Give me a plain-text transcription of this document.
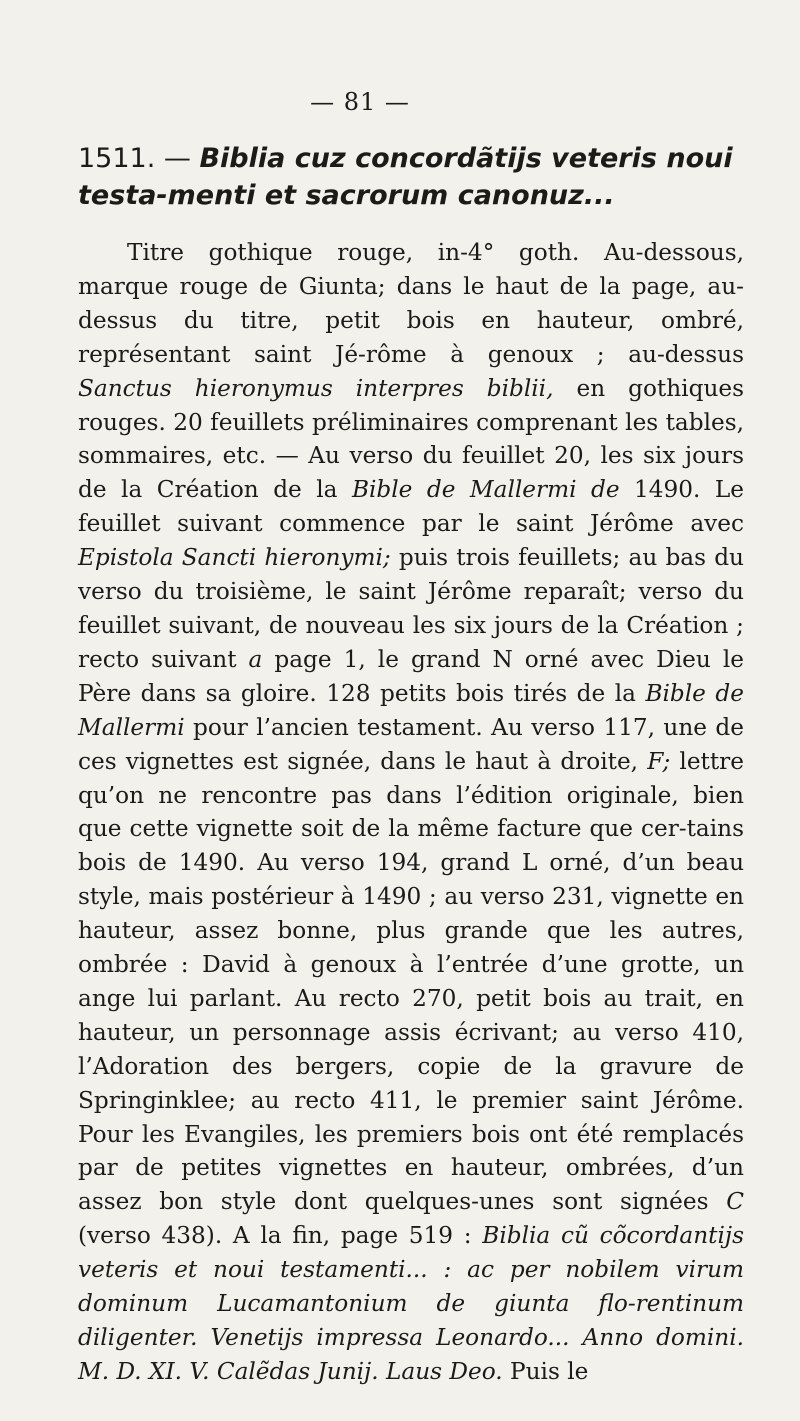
— 81 —

1511. — Biblia cuz concordãtijs veteris noui testa-menti et sacrorum canonuz...

Titre gothique rouge, in-4° goth. Au-dessous, marque rouge de Giunta; dans le haut de la page, au-dessus du titre, petit bois en hauteur, ombré, représentant saint Jé-rôme à genoux ; au-dessus Sanctus hieronymus interpres biblii, en gothiques rouges. 20 feuillets préliminaires comprenant les tables, sommaires, etc. — Au verso du feuillet 20, les six jours de la Création de la Bible de Mallermi de 1490. Le feuillet suivant commence par le saint Jérôme avec Epistola Sancti hieronymi; puis trois feuillets; au bas du verso du troisième, le saint Jérôme reparaît; verso du feuillet suivant, de nouveau les six jours de la Création ; recto suivant a page 1, le grand N orné avec Dieu le Père dans sa gloire. 128 petits bois tirés de la Bible de Mallermi pour l’ancien testament. Au verso 117, une de ces vignettes est signée, dans le haut à droite, F; lettre qu’on ne rencontre pas dans l’édition originale, bien que cette vignette soit de la même facture que cer-tains bois de 1490. Au verso 194, grand L orné, d’un beau style, mais postérieur à 1490 ; au verso 231, vignette en hauteur, assez bonne, plus grande que les autres, ombrée : David à genoux à l’entrée d’une grotte, un ange lui parlant. Au recto 270, petit bois au trait, en hauteur, un personnage assis écrivant; au verso 410, l’Adoration des bergers, copie de la gravure de Springinklee; au recto 411, le premier saint Jérôme. Pour les Evangiles, les premiers bois ont été remplacés par de petites vignettes en hauteur, ombrées, d’un assez bon style dont quelques-unes sont signées C (verso 438). A la fin, page 519 : Biblia cũ cõcordantijs veteris et noui testamenti... : ac per nobilem virum dominum Lucamantonium de giunta flo-rentinum diligenter. Venetijs impressa Leonardo... Anno domini. M. D. XI. V. Calẽdas Junij. Laus Deo. Puis le
